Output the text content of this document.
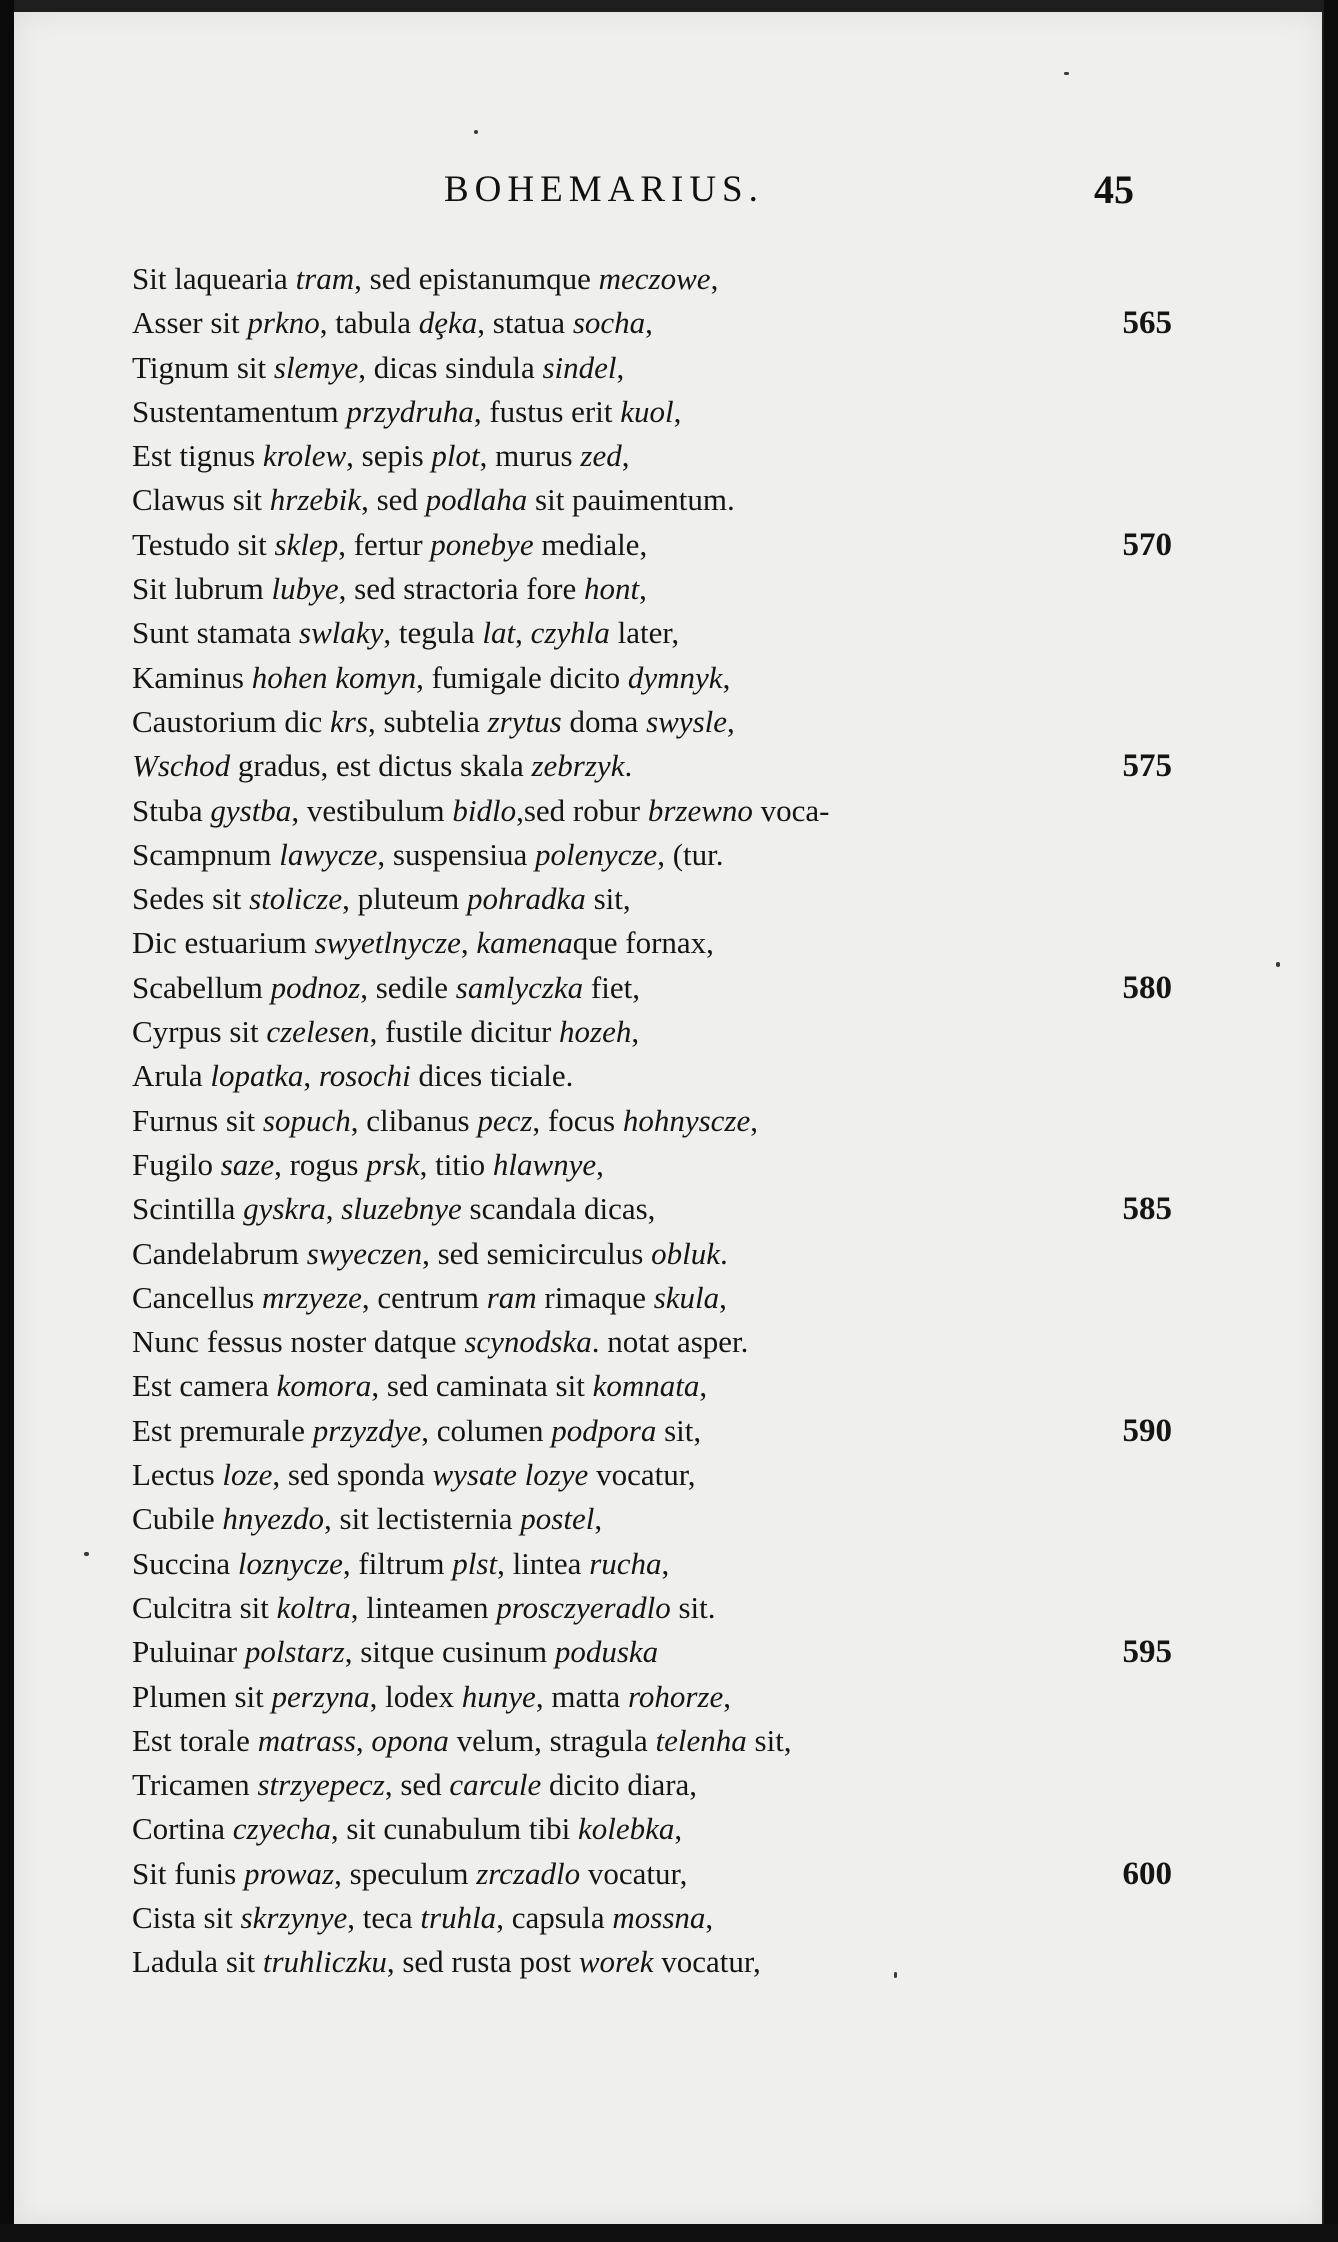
BOHEMARIUS.	45
Sit laquearia tram, sed epistanumque meczowe,
Asser sit prkno, tabula dȩka, statua socha,	565
Tignum sit slemye, dicas sindula sindel,
Sustentamentum przydruha, fustus erit kuol,
Est tignus krolew, sepis plot, murus zed,
Clawus sit hrzebik, sed podlaha sit pauimentum.
Testudo sit sklep, fertur ponebye mediale,	570
Sit lubrum lubye, sed stractoria fore hont,
Sunt stamata swlaky, tegula lat, czyhla later,
Kaminus hohen komyn, fumigale dicito dymnyk,
Caustorium dic krs, subtelia zrytus doma swysle,
Wschod gradus, est dictus skala zebrzyk.	575
Stuba gystba, vestibulum bidlo,sed robur brzewno voca-
Scampnum lawycze, suspensiua polenycze, (tur.
Sedes sit stolicze, pluteum pohradka sit,
Dic estuarium swyetlnycze, kamenaque fornax,
Scabellum podnoz, sedile samlyczka fiet,	580
Cyrpus sit czelesen, fustile dicitur hozeh,
Arula lopatka, rosochi dices ticiale.
Furnus sit sopuch, clibanus pecz, focus hohnyscze,
Fugilo saze, rogus prsk, titio hlawnye,
Scintilla gyskra, sluzebnye scandala dicas,	585
Candelabrum swyeczen, sed semicirculus obluk.
Cancellus mrzyeze, centrum ram rimaque skula,
Nunc fessus noster datque scynodska. notat asper.
Est camera komora, sed caminata sit komnata,
Est premurale przyzdye, columen podpora sit,	590
Lectus loze, sed sponda wysate lozye vocatur,
Cubile hnyezdo, sit lectisternia postel,
Succina loznycze, filtrum plst, lintea rucha,
Culcitra sit koltra, linteamen prosczyeradlo sit.
Puluinar polstarz, sitque cusinum poduska	595
Plumen sit perzyna, lodex hunye, matta rohorze,
Est torale matrass, opona velum, stragula telenha sit,
Tricamen strzyepecz, sed carcule dicito diara,
Cortina czyecha, sit cunabulum tibi kolebka,
Sit funis prowaz, speculum zrczadlo vocatur,	600
Cista sit skrzynye, teca truhla, capsula mossna,
Ladula sit truhliczku, sed rusta post worek vocatur,
